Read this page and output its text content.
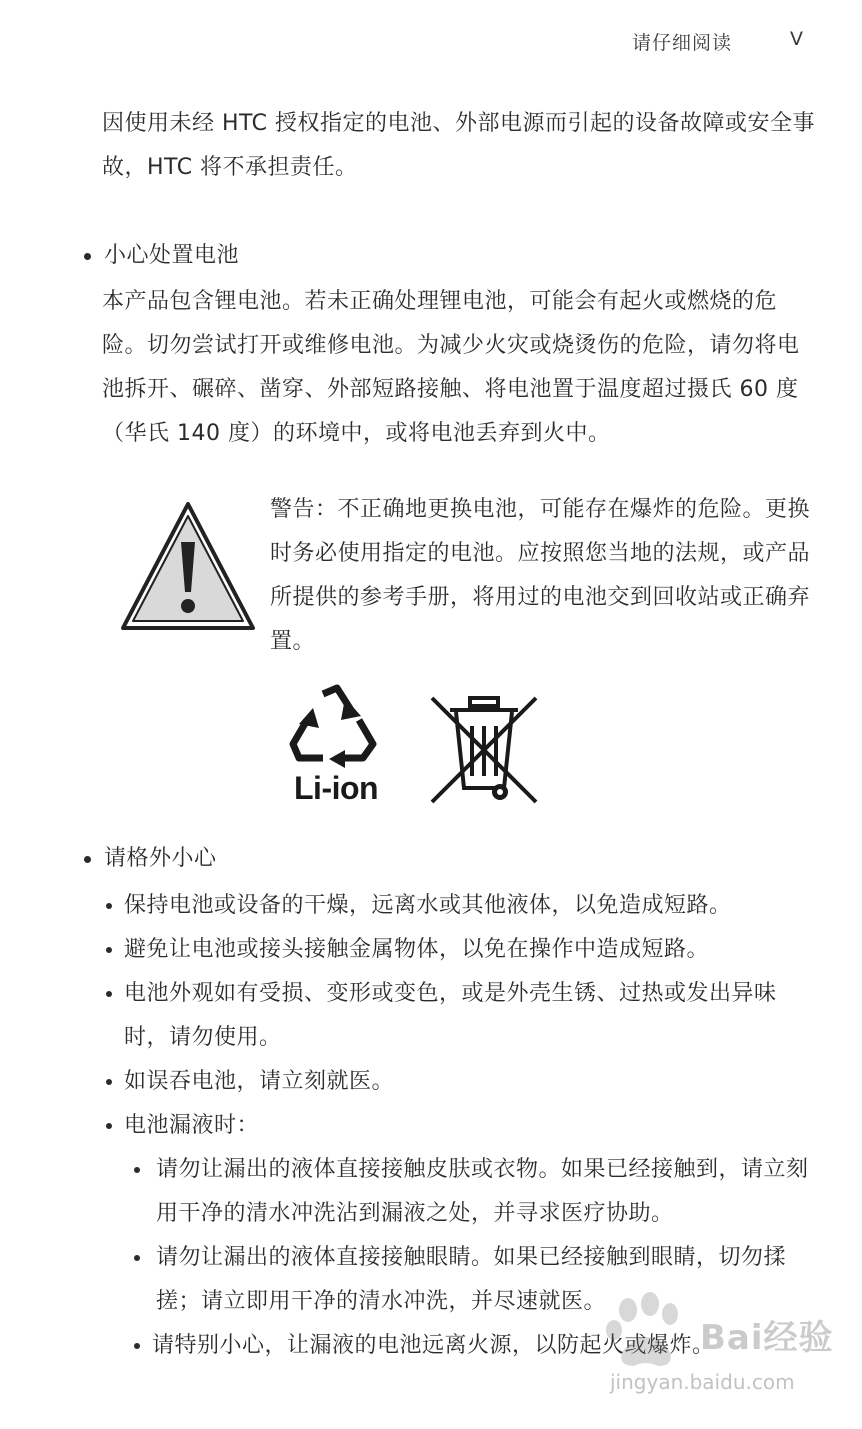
请仔细阅读	V
因使用未经 HTC 授权指定的电池、外部电源而引起的设备故障或安全事故，HTC 将不承担责任。
小心处置电池
本产品包含锂电池。若未正确处理锂电池，可能会有起火或燃烧的危险。切勿尝试打开或维修电池。为减少火灾或烧烫伤的危险，请勿将电池拆开、碾碎、凿穿、外部短路接触、将电池置于温度超过摄氏 60 度（华氏 140 度）的环境中，或将电池丢弃到火中。
警告：不正确地更换电池，可能存在爆炸的危险。更换时务必使用指定的电池。应按照您当地的法规，或产品所提供的参考手册，将用过的电池交到回收站或正确弃置。
Li-ion
请格外小心
保持电池或设备的干燥，远离水或其他液体，以免造成短路。
避免让电池或接头接触金属物体，以免在操作中造成短路。
电池外观如有受损、变形或变色，或是外壳生锈、过热或发出异味时，请勿使用。
如误吞电池，请立刻就医。
电池漏液时：
请勿让漏出的液体直接接触皮肤或衣物。如果已经接触到，请立刻用干净的清水冲洗沾到漏液之处，并寻求医疗协助。
请勿让漏出的液体直接接触眼睛。如果已经接触到眼睛，切勿揉搓；请立即用干净的清水冲洗，并尽速就医。
请特别小心，让漏液的电池远离火源，以防起火或爆炸。
Bai经验
jingyan.baidu.com
